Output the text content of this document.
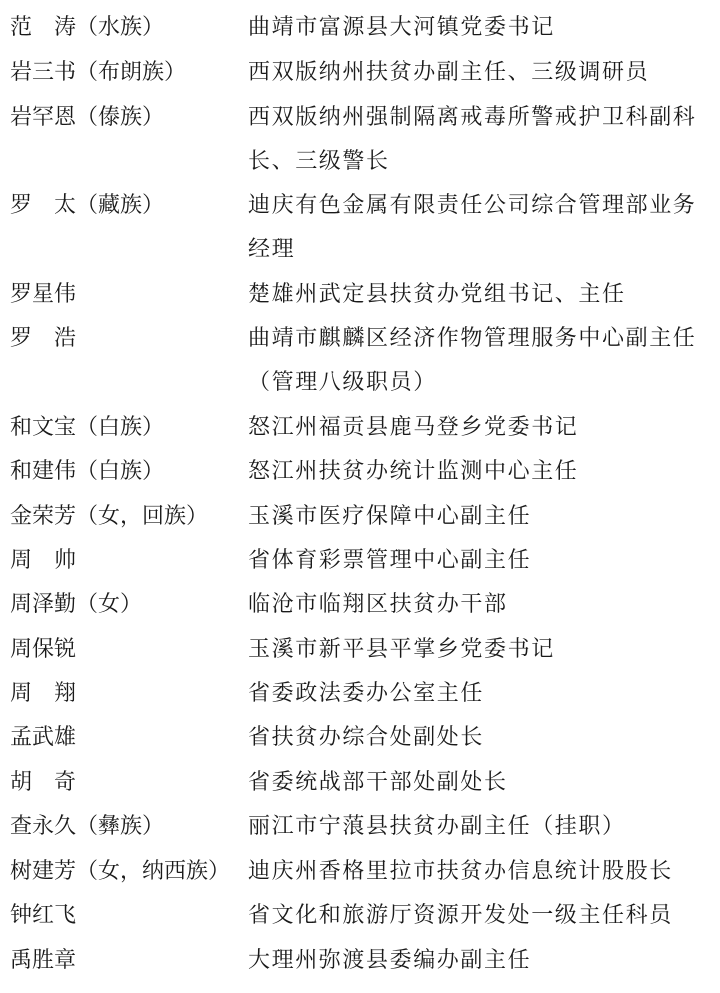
范　涛（水族）	曲靖市富源县大河镇党委书记
岩三书（布朗族）	西双版纳州扶贫办副主任、三级调研员
岩罕恩（傣族）	西双版纳州强制隔离戒毒所警戒护卫科副科长、三级警长
罗　太（藏族）	迪庆有色金属有限责任公司综合管理部业务经理
罗星伟	楚雄州武定县扶贫办党组书记、主任
罗　浩	曲靖市麒麟区经济作物管理服务中心副主任（管理八级职员）
和文宝（白族）	怒江州福贡县鹿马登乡党委书记
和建伟（白族）	怒江州扶贫办统计监测中心主任
金荣芳（女，回族）	玉溪市医疗保障中心副主任
周　帅	省体育彩票管理中心副主任
周泽勤（女）	临沧市临翔区扶贫办干部
周保锐	玉溪市新平县平掌乡党委书记
周　翔	省委政法委办公室主任
孟武雄	省扶贫办综合处副处长
胡　奇	省委统战部干部处副处长
查永久（彝族）	丽江市宁蒗县扶贫办副主任（挂职）
树建芳（女，纳西族） 迪庆州香格里拉市扶贫办信息统计股股长
钟红飞	省文化和旅游厅资源开发处一级主任科员
禹胜章	大理州弥渡县委编办副主任
